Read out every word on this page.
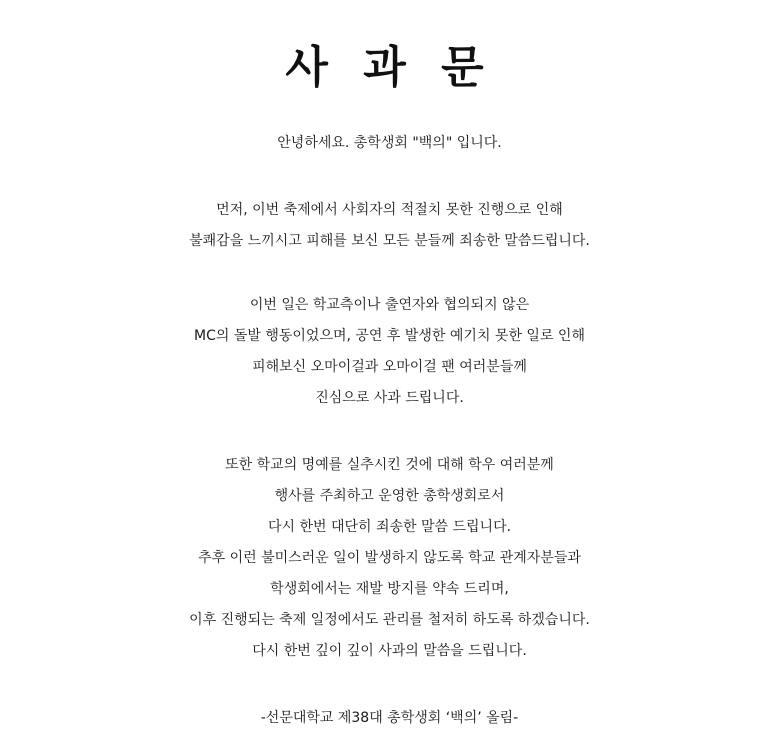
사 과 문
안녕하세요. 총학생회 "백의" 입니다.
먼저, 이번 축제에서 사회자의 적절치 못한 진행으로 인해
불쾌감을 느끼시고 피해를 보신 모든 분들께 죄송한 말씀드립니다.
이번 일은 학교측이나 출연자와 협의되지 않은
MC의 돌발 행동이었으며, 공연 후 발생한 예기치 못한 일로 인해
피해보신 오마이걸과 오마이걸 팬 여러분들께
진심으로 사과 드립니다.
또한 학교의 명예를 실추시킨 것에 대해 학우 여러분께
행사를 주최하고 운영한 총학생회로서
다시 한번 대단히 죄송한 말씀 드립니다.
추후 이런 불미스러운 일이 발생하지 않도록 학교 관계자분들과
학생회에서는 재발 방지를 약속 드리며,
이후 진행되는 축제 일정에서도 관리를 철저히 하도록 하겠습니다.
다시 한번 깊이 깊이 사과의 말씀을 드립니다.
-선문대학교 제38대 총학생회 ‘백의’ 올림-
